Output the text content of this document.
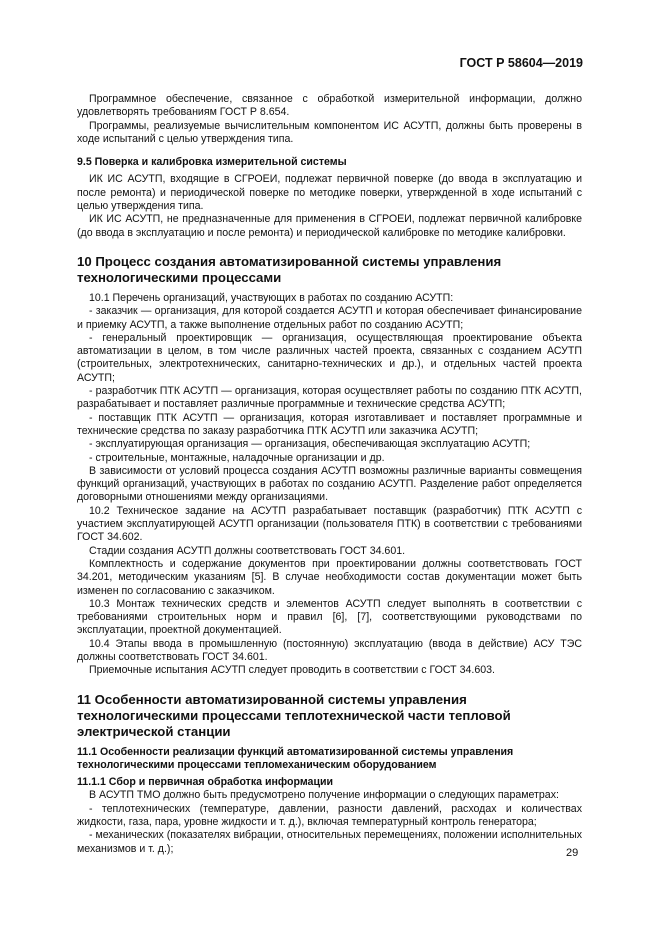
ГОСТ Р 58604—2019

Программное обеспечение, связанное с обработкой измерительной информации, должно удовлетворять требованиям ГОСТ Р 8.654.

Программы, реализуемые вычислительным компонентом ИС АСУТП, должны быть проверены в ходе испытаний с целью утверждения типа.

9.5 Поверка и калибровка измерительной системы

ИК ИС АСУТП, входящие в СГРОЕИ, подлежат первичной поверке (до ввода в эксплуатацию и после ремонта) и периодической поверке по методике поверки, утвержденной в ходе испытаний с целью утверждения типа.

ИК ИС АСУТП, не предназначенные для применения в СГРОЕИ, подлежат первичной калибровке (до ввода в эксплуатацию и после ремонта) и периодической калибровке по методике калибровки.

10 Процесс создания автоматизированной системы управления технологическими процессами

10.1 Перечень организаций, участвующих в работах по созданию АСУТП:

- заказчик — организация, для которой создается АСУТП и которая обеспечивает финансирование и приемку АСУТП, а также выполнение отдельных работ по созданию АСУТП;

- генеральный проектировщик — организация, осуществляющая проектирование объекта автоматизации в целом, в том числе различных частей проекта, связанных с созданием АСУТП (строительных, электротехнических, санитарно-технических и др.), и отдельных частей проекта АСУТП;

- разработчик ПТК АСУТП — организация, которая осуществляет работы по созданию ПТК АСУТП, разрабатывает и поставляет различные программные и технические средства АСУТП;

- поставщик ПТК АСУТП — организация, которая изготавливает и поставляет программные и технические средства по заказу разработчика ПТК АСУТП или заказчика АСУТП;

- эксплуатирующая организация — организация, обеспечивающая эксплуатацию АСУТП;

- строительные, монтажные, наладочные организации и др.

В зависимости от условий процесса создания АСУТП возможны различные варианты совмещения функций организаций, участвующих в работах по созданию АСУТП. Разделение работ определяется договорными отношениями между организациями.

10.2 Техническое задание на АСУТП разрабатывает поставщик (разработчик) ПТК АСУТП с участием эксплуатирующей АСУТП организации (пользователя ПТК) в соответствии с требованиями ГОСТ 34.602.

Стадии создания АСУТП должны соответствовать ГОСТ 34.601.

Комплектность и содержание документов при проектировании должны соответствовать ГОСТ 34.201, методическим указаниям [5]. В случае необходимости состав документации может быть изменен по согласованию с заказчиком.

10.3 Монтаж технических средств и элементов АСУТП следует выполнять в соответствии с требованиями строительных норм и правил [6], [7], соответствующими руководствами по эксплуатации, проектной документацией.

10.4 Этапы ввода в промышленную (постоянную) эксплуатацию (ввода в действие) АСУ ТЭС должны соответствовать ГОСТ 34.601.

Приемочные испытания АСУТП следует проводить в соответствии с ГОСТ 34.603.

11 Особенности автоматизированной системы управления технологическими процессами теплотехнической части тепловой электрической станции
11.1 Особенности реализации функций автоматизированной системы управления технологическими процессами тепломеханическим оборудованием
11.1.1 Сбор и первичная обработка информации

В АСУТП ТМО должно быть предусмотрено получение информации о следующих параметрах:

- теплотехнических (температуре, давлении, разности давлений, расходах и количествах жидкости, газа, пара, уровне жидкости и т. д.), включая температурный контроль генератора;

- механических (показателях вибрации, относительных перемещениях, положении исполнительных механизмов и т. д.);	29
